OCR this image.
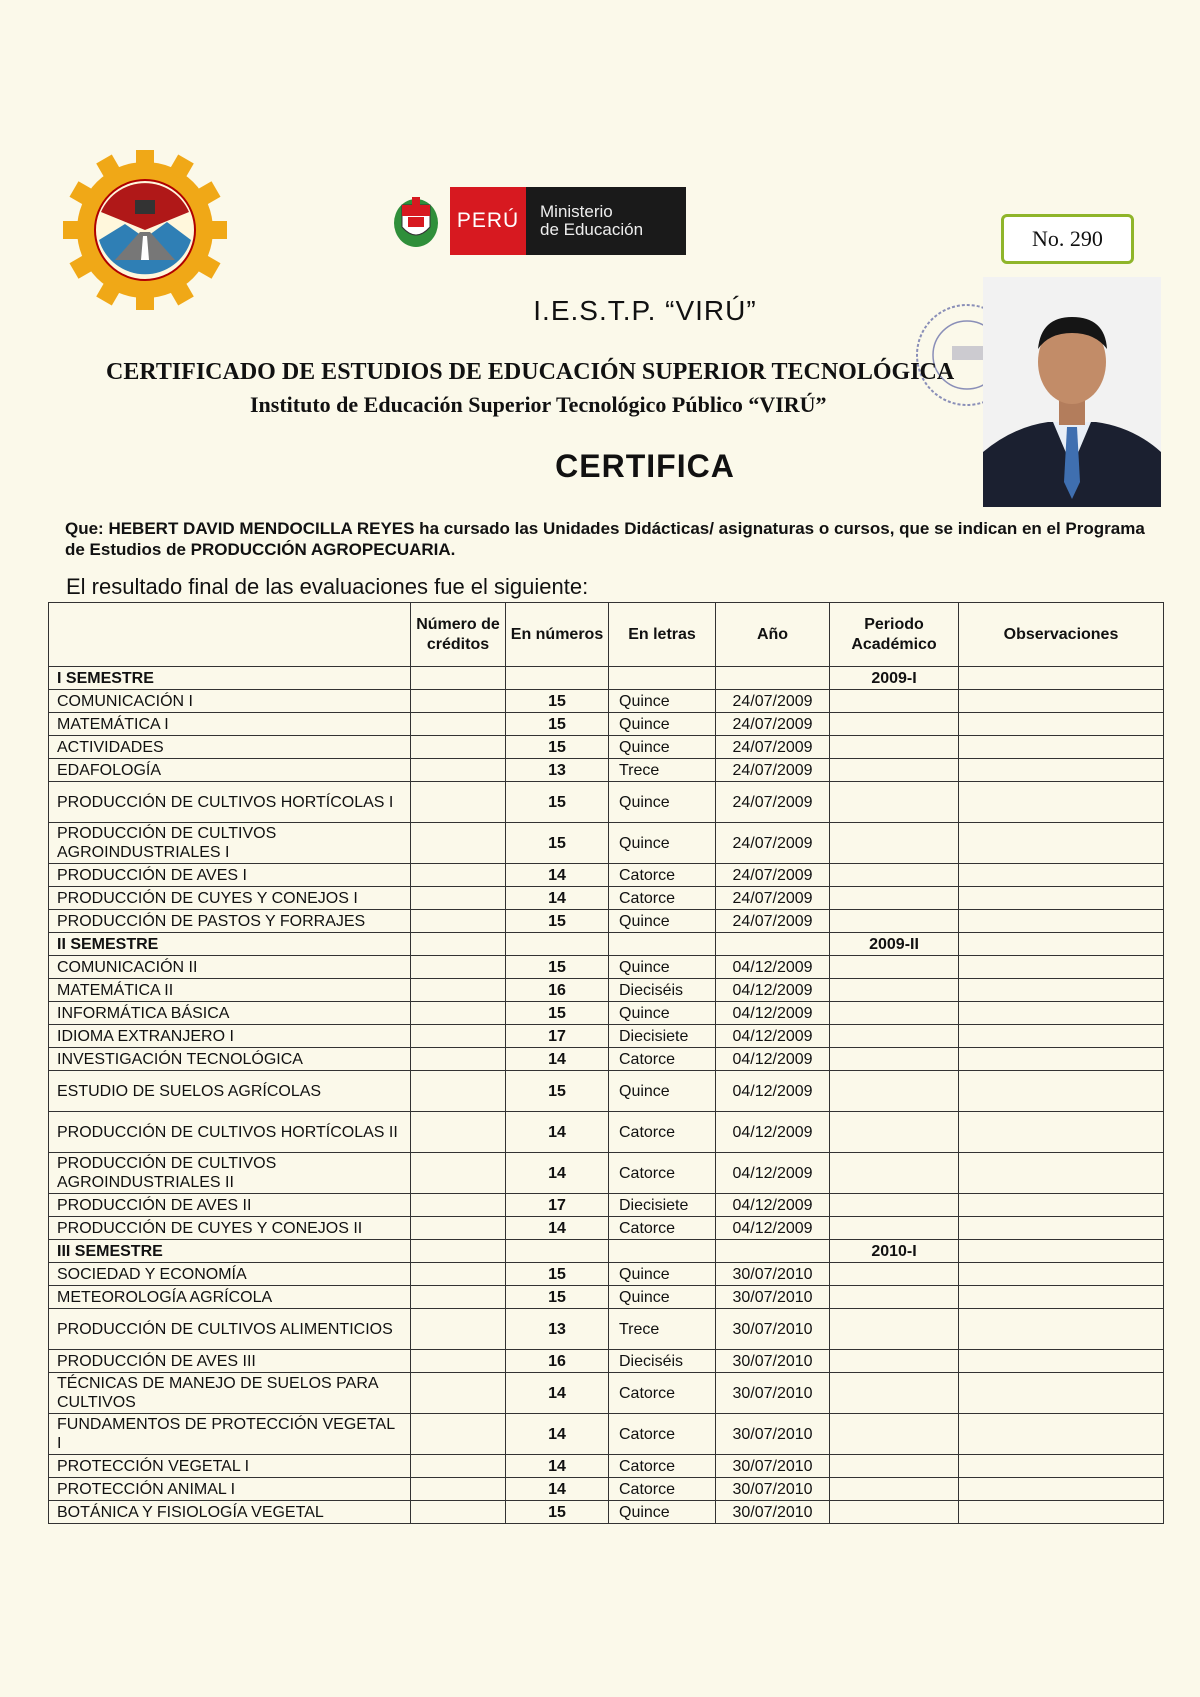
PERÚ	Ministerio
de Educación	No. 290
I.E.S.T.P. “VIRÚ”
CERTIFICADO DE ESTUDIOS DE EDUCACIÓN SUPERIOR TECNOLÓGICA
Instituto de Educación Superior Tecnológico Público “VIRÚ”
CERTIFICA
Que: HEBERT DAVID MENDOCILLA REYES ha cursado las Unidades Didácticas/ asignaturas o cursos, que se indican en el Programa de Estudios de PRODUCCIÓN AGROPECUARIA.
El resultado final de las evaluaciones fue el siguiente:
	Número de créditos	En números	En letras	Año	Periodo Académico	Observaciones
I SEMESTRE					2009-I	
COMUNICACIÓN I		15	Quince	24/07/2009		
MATEMÁTICA I		15	Quince	24/07/2009		
ACTIVIDADES		15	Quince	24/07/2009		
EDAFOLOGÍA		13	Trece	24/07/2009		
PRODUCCIÓN DE CULTIVOS HORTÍCOLAS I		15	Quince	24/07/2009		
PRODUCCIÓN DE CULTIVOS AGROINDUSTRIALES I		15	Quince	24/07/2009		
PRODUCCIÓN DE AVES I		14	Catorce	24/07/2009		
PRODUCCIÓN DE CUYES Y CONEJOS I		14	Catorce	24/07/2009		
PRODUCCIÓN DE PASTOS Y FORRAJES		15	Quince	24/07/2009		
II SEMESTRE					2009-II	
COMUNICACIÓN II		15	Quince	04/12/2009		
MATEMÁTICA II		16	Dieciséis	04/12/2009		
INFORMÁTICA BÁSICA		15	Quince	04/12/2009		
IDIOMA EXTRANJERO I		17	Diecisiete	04/12/2009		
INVESTIGACIÓN TECNOLÓGICA		14	Catorce	04/12/2009		
ESTUDIO DE SUELOS AGRÍCOLAS		15	Quince	04/12/2009		
PRODUCCIÓN DE CULTIVOS HORTÍCOLAS II		14	Catorce	04/12/2009		
PRODUCCIÓN DE CULTIVOS AGROINDUSTRIALES II		14	Catorce	04/12/2009		
PRODUCCIÓN DE AVES II		17	Diecisiete	04/12/2009		
PRODUCCIÓN DE CUYES Y CONEJOS II		14	Catorce	04/12/2009		
III SEMESTRE					2010-I	
SOCIEDAD Y ECONOMÍA		15	Quince	30/07/2010		
METEOROLOGÍA AGRÍCOLA		15	Quince	30/07/2010		
PRODUCCIÓN DE CULTIVOS ALIMENTICIOS		13	Trece	30/07/2010		
PRODUCCIÓN DE AVES III		16	Dieciséis	30/07/2010		
TÉCNICAS DE MANEJO DE SUELOS PARA CULTIVOS		14	Catorce	30/07/2010		
FUNDAMENTOS DE PROTECCIÓN VEGETAL I		14	Catorce	30/07/2010		
PROTECCIÓN VEGETAL I		14	Catorce	30/07/2010		
PROTECCIÓN ANIMAL I		14	Catorce	30/07/2010		
BOTÁNICA Y FISIOLOGÍA VEGETAL		15	Quince	30/07/2010		
